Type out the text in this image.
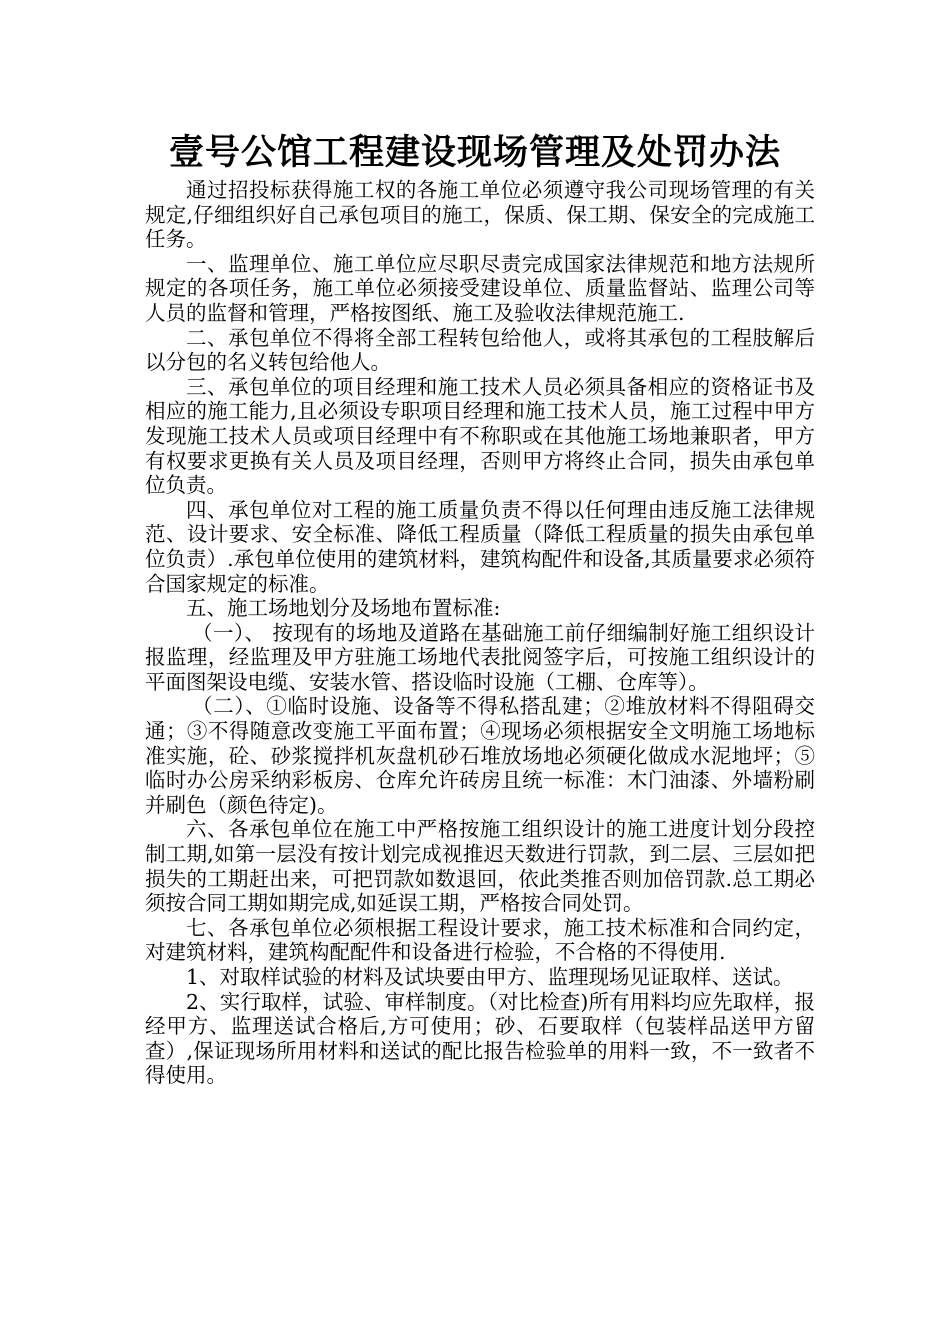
壹号公馆工程建设现场管理及处罚办法

通过招投标获得施工权的各施工单位必须遵守我公司现场管理的有关规定,仔细组织好自己承包项目的施工，保质、保工期、保安全的完成施工任务。

一、监理单位、施工单位应尽职尽责完成国家法律规范和地方法规所规定的各项任务，施工单位必须接受建设单位、质量监督站、监理公司等人员的监督和管理，严格按图纸、施工及验收法律规范施工.

二、承包单位不得将全部工程转包给他人，或将其承包的工程肢解后以分包的名义转包给他人。

三、承包单位的项目经理和施工技术人员必须具备相应的资格证书及相应的施工能力,且必须设专职项目经理和施工技术人员，施工过程中甲方发现施工技术人员或项目经理中有不称职或在其他施工场地兼职者，甲方有权要求更换有关人员及项目经理，否则甲方将终止合同，损失由承包单位负责。

四、承包单位对工程的施工质量负责不得以任何理由违反施工法律规范、设计要求、安全标准、降低工程质量（降低工程质量的损失由承包单位负责）.承包单位使用的建筑材料，建筑构配件和设备,其质量要求必须符合国家规定的标准。

五、施工场地划分及场地布置标准:

（一）、 按现有的场地及道路在基础施工前仔细编制好施工组织设计报监理，经监理及甲方驻施工场地代表批阅签字后，可按施工组织设计的平面图架设电缆、安装水管、搭设临时设施（工棚、仓库等）。

（二）、①临时设施、设备等不得私搭乱建；②堆放材料不得阻碍交通；③不得随意改变施工平面布置；④现场必须根据安全文明施工场地标准实施，砼、砂浆搅拌机灰盘机砂石堆放场地必须硬化做成水泥地坪；⑤临时办公房采纳彩板房、仓库允许砖房且统一标准：木门油漆、外墙粉刷并刷色（颜色待定)。

六、各承包单位在施工中严格按施工组织设计的施工进度计划分段控制工期,如第一层没有按计划完成视推迟天数进行罚款，到二层、三层如把损失的工期赶出来，可把罚款如数退回，依此类推否则加倍罚款.总工期必须按合同工期如期完成,如延误工期，严格按合同处罚。

七、各承包单位必须根据工程设计要求，施工技术标准和合同约定，对建筑材料，建筑构配配件和设备进行检验，不合格的不得使用.

1、对取样试验的材料及试块要由甲方、监理现场见证取样、送试。

2、实行取样，试验、审样制度。（对比检查)所有用料均应先取样，报经甲方、监理送试合格后,方可使用；砂、石要取样（包装样品送甲方留查）,保证现场所用材料和送试的配比报告检验单的用料一致，不一致者不得使用。
